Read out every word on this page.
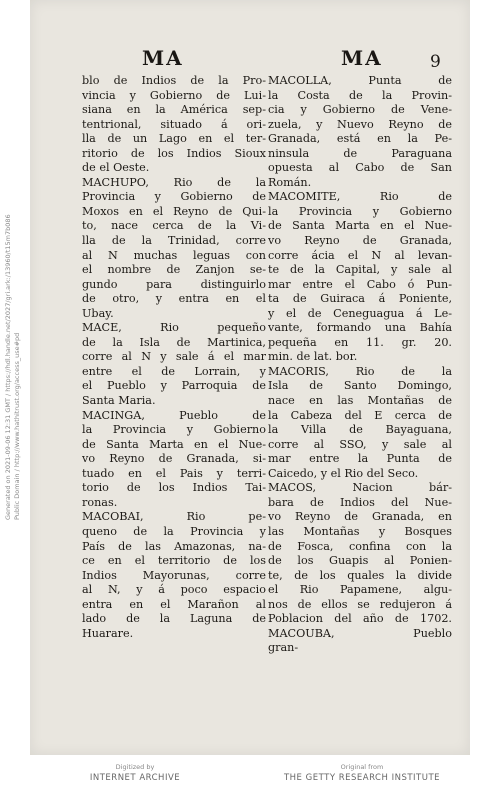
Generated on 2021-09-06 12:31 GMT / https://hdl.handle.net/2027/gri.ark:/13960/t15m7b086 Public Domain / http://www.hathitrust.org/access_use#pd
MA	MA	9
blo de Indios de la Pro-
vincia y Gobierno de Lui-
siana en la América sep-
tentrional, situado á ori-
lla de un Lago en el ter-
ritorio de los Indios Sioux
de el Oeste.
MACHUPO, Rio de la
Provincia y Gobierno de
Moxos en el Reyno de Qui-
to, nace cerca de la Vi-
lla de la Trinidad, corre
al N muchas leguas con
el nombre de Zanjon se-
gundo para distinguirlo
de otro, y entra en el
Ubay.
MACE, Rio pequeño
de la Isla de Martinica,
corre al N y sale á el mar
entre el de Lorrain, y
el Pueblo y Parroquia de
Santa Maria.
MACINGA, Pueblo de
la Provincia y Gobierno
de Santa Marta en el Nue-
vo Reyno de Granada, si-
tuado en el Pais y terri-
torio de los Indios Tai-
ronas.
MACOBAI, Rio pe-
queno de la Provincia y
País de las Amazonas, na-
ce en el territorio de los
Indios Mayorunas, corre
al N, y á poco espacio
entra en el Marañon al
lado de la Laguna de
Huarare.
MACOLLA, Punta de
la Costa de la Provin-
cia y Gobierno de Vene-
zuela, y Nuevo Reyno de
Granada, está en la Pe-
ninsula de Paraguana
opuesta al Cabo de San
Román.
MACOMITE, Rio de
la Provincia y Gobierno
de Santa Marta en el Nue-
vo Reyno de Granada,
corre ácia el N al levan-
te de la Capital, y sale al
mar entre el Cabo ó Pun-
ta de Guiraca á Poniente,
y el de Ceneguagua á Le-
vante, formando una Bahía
pequeña en 11. gr. 20.
min. de lat. bor.
MACORIS, Rio de la
Isla de Santo Domingo,
nace en las Montañas de
la Cabeza del E cerca de
la Villa de Bayaguana,
corre al SSO, y sale al
mar entre la Punta de
Caicedo, y el Rio del Seco.
MACOS, Nacion bár-
bara de Indios del Nue-
vo Reyno de Granada, en
las Montañas y Bosques
de Fosca, confina con la
de los Guapis al Ponien-
te, de los quales la divide
el Rio Papamene, algu-
nos de ellos se redujeron á
Poblacion del año de 1702.
MACOUBA, Pueblo
gran-
Digitized by
INTERNET ARCHIVE
Original from
THE GETTY RESEARCH INSTITUTE
